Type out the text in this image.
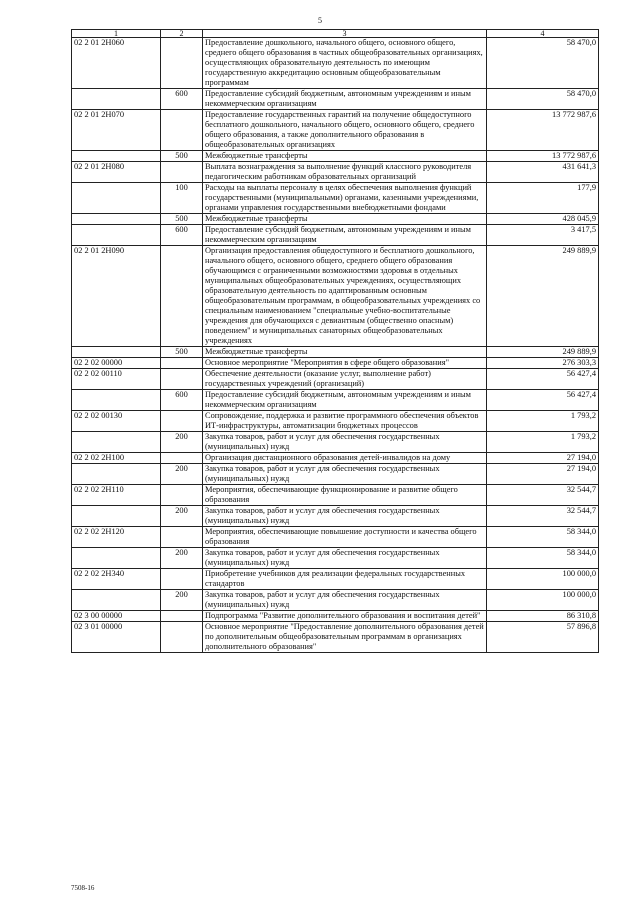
5
1	2	3	4
02 2 01 2Н060		Предоставление дошкольного, начального общего, основного общего, среднего общего образования в частных общеобразовательных организациях, осуществляющих образовательную деятельность по имеющим государственную аккредитацию основным общеобразовательным программам	58 470,0
	600	Предоставление субсидий бюджетным, автономным учреждениям и иным некоммерческим организациям	58 470,0
02 2 01 2Н070		Предоставление государственных гарантий на получение общедоступного бесплатного дошкольного, начального общего, основного общего, среднего общего образования, а также дополнительного образования в общеобразовательных организациях	13 772 987,6
	500	Межбюджетные трансферты	13 772 987,6
02 2 01 2Н080		Выплата вознаграждения за выполнение функций классного руководителя педагогическим работникам образовательных организаций	431 641,3
	100	Расходы на выплаты персоналу в целях обеспечения выполнения функций государственными (муниципальными) органами, казенными учреждениями, органами управления государственными внебюджетными фондами	177,9
	500	Межбюджетные трансферты	428 045,9
	600	Предоставление субсидий бюджетным, автономным учреждениям и иным некоммерческим организациям	3 417,5
02 2 01 2Н090		Организация предоставления общедоступного и бесплатного дошкольного, начального общего, основного общего, среднего общего образования обучающимся с ограниченными возможностями здоровья в отдельных муниципальных общеобразовательных учреждениях, осуществляющих образовательную деятельность по адаптированным основным общеобразовательным программам, в общеобразовательных учреждениях со специальным наименованием "специальные учебно-воспитательные учреждения для обучающихся с девиантным (общественно опасным) поведением" и муниципальных санаторных общеобразовательных учреждениях	249 889,9
	500	Межбюджетные трансферты	249 889,9
02 2 02 00000		Основное мероприятие "Мероприятия в сфере общего образования"	276 303,3
02 2 02 00110		Обеспечение деятельности (оказание услуг, выполнение работ) государственных учреждений (организаций)	56 427,4
	600	Предоставление субсидий бюджетным, автономным учреждениям и иным некоммерческим организациям	56 427,4
02 2 02 00130		Сопровождение, поддержка и развитие программного обеспечения объектов ИТ-инфраструктуры, автоматизации бюджетных процессов	1 793,2
	200	Закупка товаров, работ и услуг для обеспечения государственных (муниципальных) нужд	1 793,2
02 2 02 2Н100		Организация дистанционного образования детей-инвалидов на дому	27 194,0
	200	Закупка товаров, работ и услуг для обеспечения государственных (муниципальных) нужд	27 194,0
02 2 02 2Н110		Мероприятия, обеспечивающие функционирование и развитие общего образования	32 544,7
	200	Закупка товаров, работ и услуг для обеспечения государственных (муниципальных) нужд	32 544,7
02 2 02 2Н120		Мероприятия, обеспечивающие повышение доступности и качества общего образования	58 344,0
	200	Закупка товаров, работ и услуг для обеспечения государственных (муниципальных) нужд	58 344,0
02 2 02 2Н340		Приобретение учебников для реализации федеральных государственных стандартов	100 000,0
	200	Закупка товаров, работ и услуг для обеспечения государственных (муниципальных) нужд	100 000,0
02 3 00 00000		Подпрограмма "Развитие дополнительного образования и воспитания детей"	86 310,8
02 3 01 00000		Основное мероприятие "Предоставление дополнительного образования детей по дополнительным общеобразовательным программам в организациях дополнительного образования"	57 896,8
7508-16
